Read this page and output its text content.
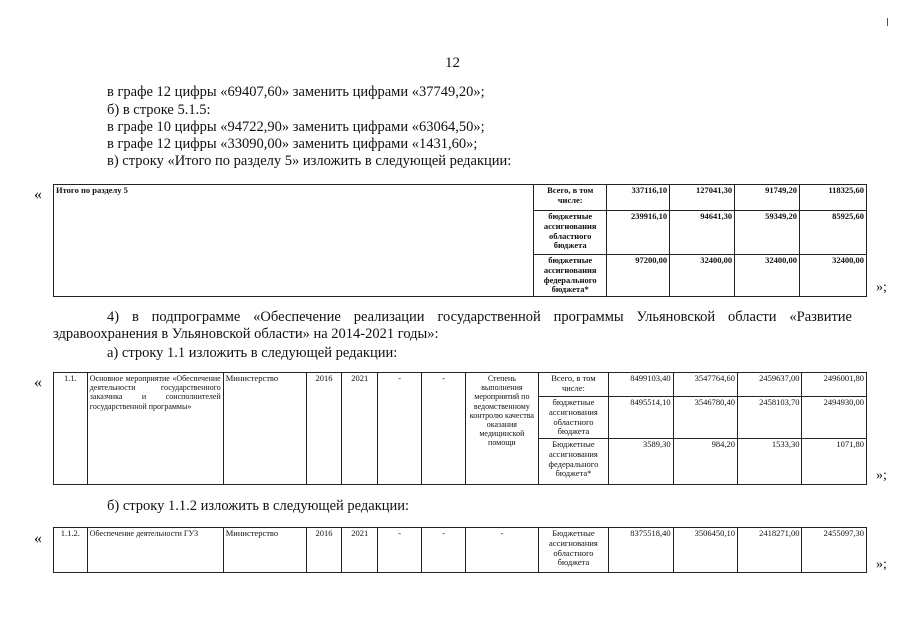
12
в графе 12 цифры «69407,60» заменить цифрами «37749,20»;
б) в строке 5.1.5:
в графе 10 цифры «94722,90» заменить цифрами «63064,50»;
в графе 12 цифры «33090,00» заменить цифрами «1431,60»;
в) строку «Итого по разделу 5» изложить в следующей редакции:
« Итого по разделу 5	Всего, в том числе:	337116,10	127041,30	91749,20	118325,60
	бюджетные ассигнования областного бюджета	239916,10	94641,30	59349,20	85925,60
	бюджетные ассигнования федерального бюджета*	97200,00	32400,00	32400,00	32400,00
»;
4) в подпрограмме «Обеспечение реализации государственной программы Ульяновской области «Развитие
здравоохранения в Ульяновской области» на 2014-2021 годы»:
а) строку 1.1 изложить в следующей редакции:
«	1.1.	Основное мероприятие «Обеспечение деятельности государственного заказчика и соисполнителей государственной программы»	Министерство	2016	2021	-	-	Степень выполнения мероприятий по ведомственному контролю качества оказания медицинской помощи	Всего, в том числе:	8499103,40	3547764,60	2459637,00	2496001,80
								бюджетные ассигнования областного бюджета	8495514,10	3546780,40	2458103,70	2494930,00
								Бюджетные ассигнования федерального бюджета*	3589,30	984,20	1533,30	1071,80
»;
б) строку 1.1.2 изложить в следующей редакции:
« 1.1.2.	Обеспечение деятельности ГУЗ	Министерство	2016	2021	-	-	-	Бюджетные ассигнования областного бюджета	8375518,40	3506450,10	2418271,00	2455097,30
»;
